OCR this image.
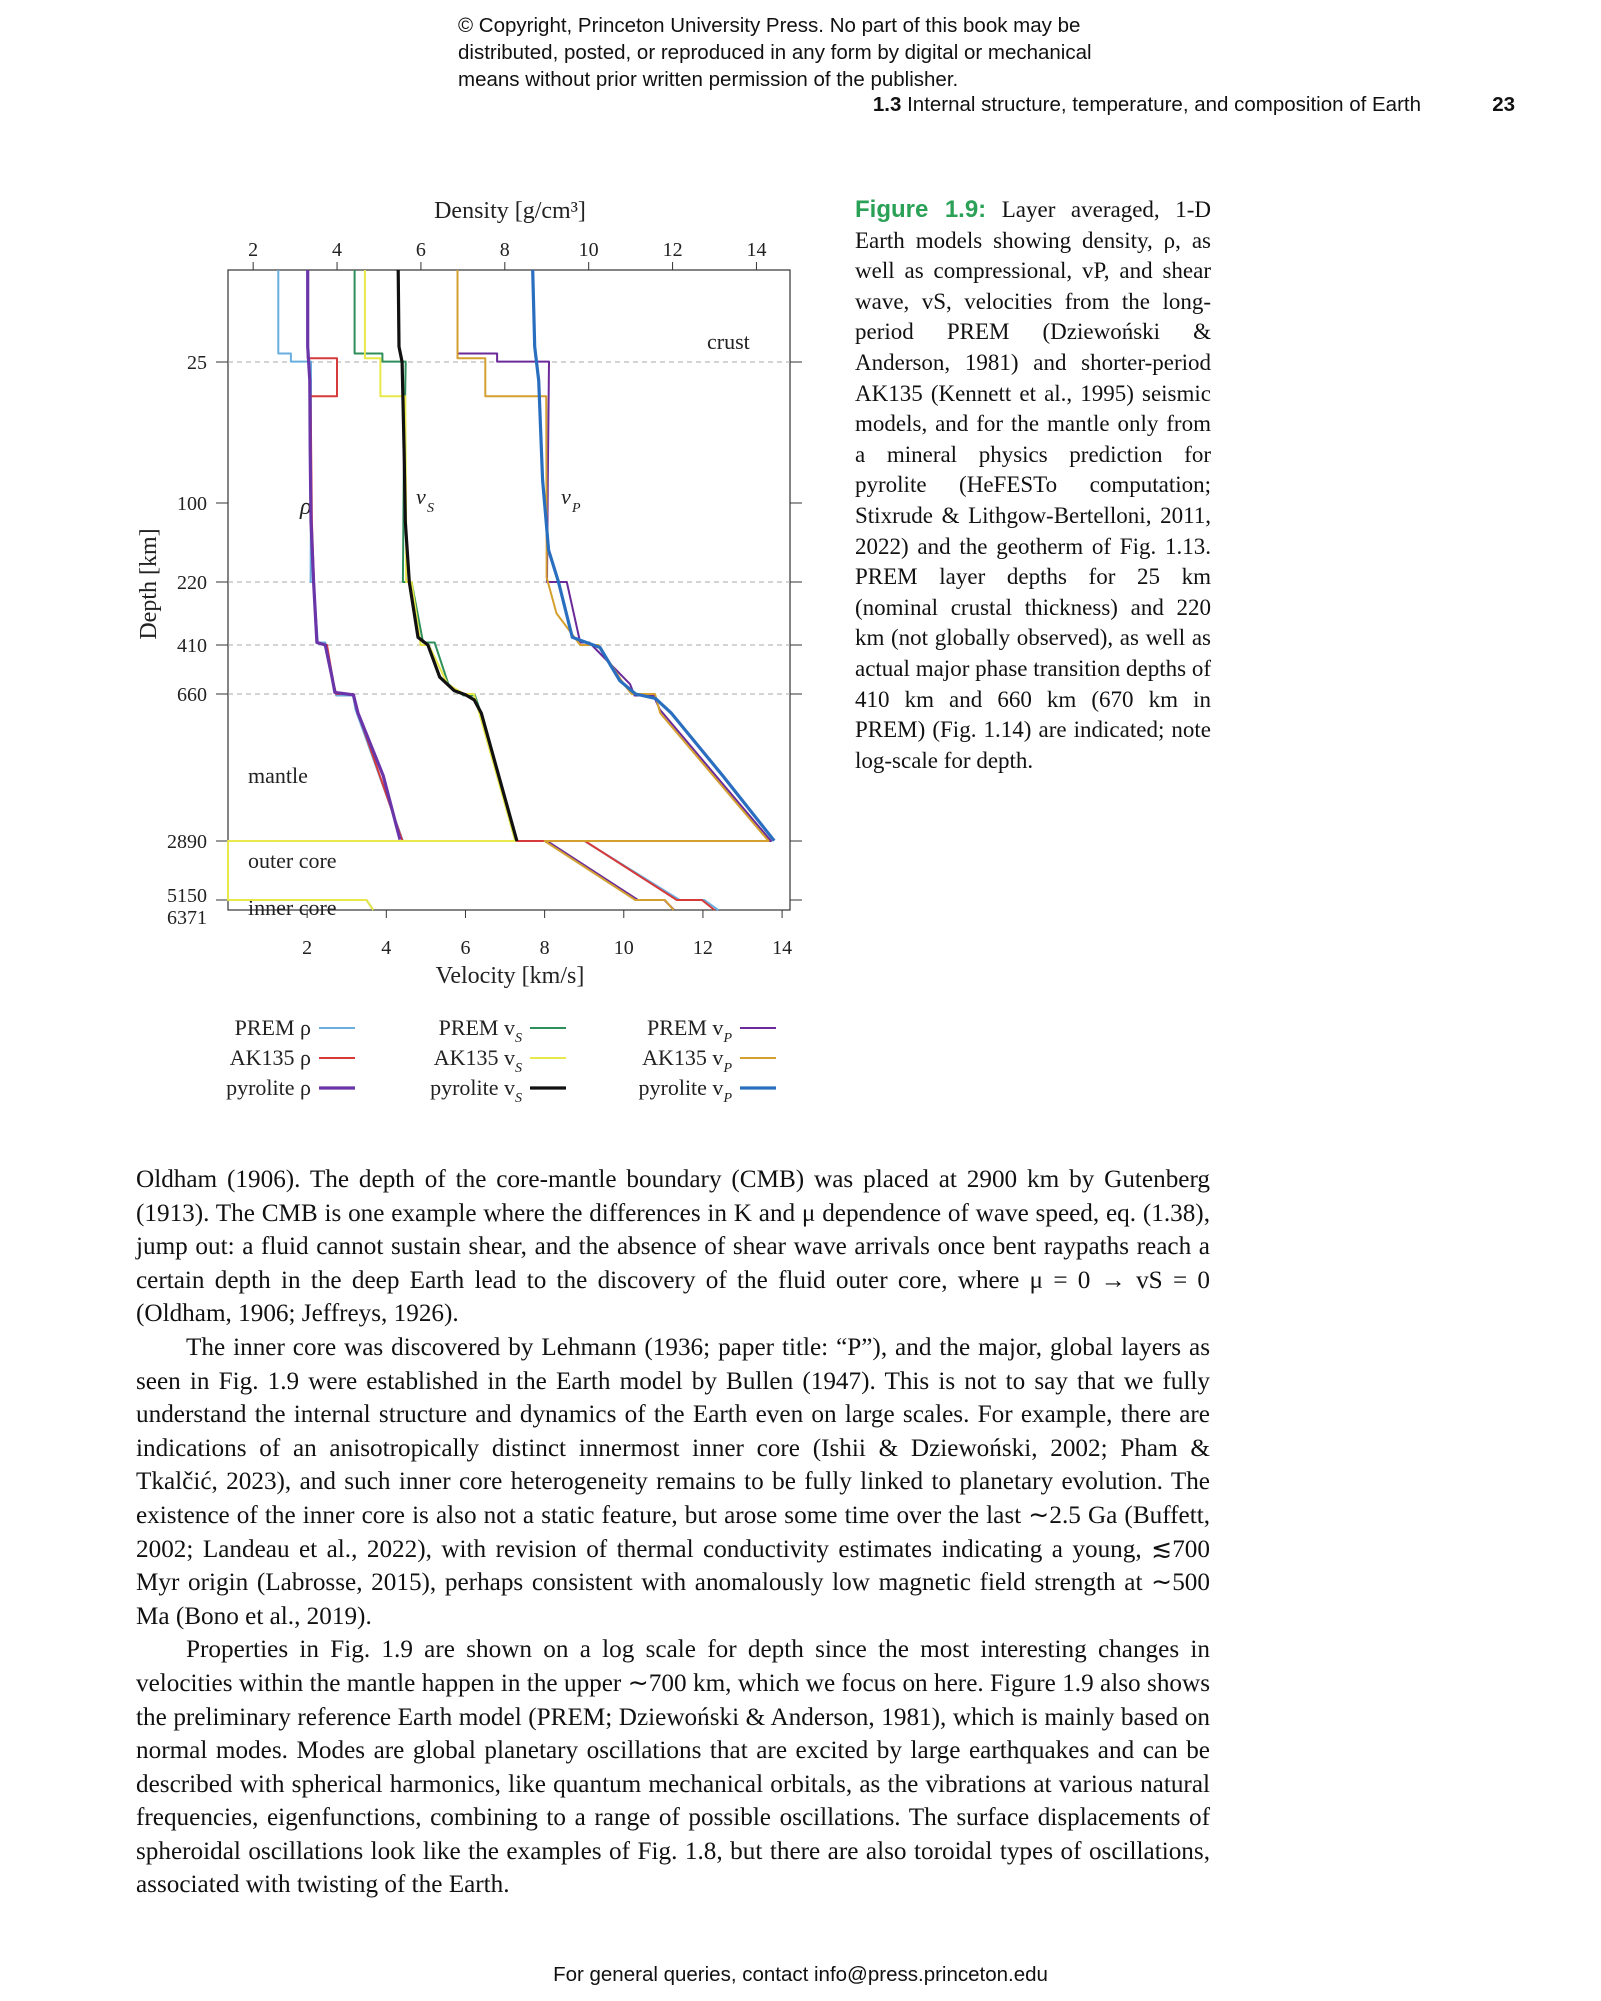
© Copyright, Princeton University Press. No part of this book may be
distributed, posted, or reproduced in any form by digital or mechanical
means without prior written permission of the publisher.
1.3 Internal structure, temperature, and composition of Earth	23
25
100
220
410
660
2890
5150
6371
2	4	6	8	10	12	14
2	4	6	8	10	12	14
Density [g/cm³]
Velocity [km/s]
Depth [km]
crust
mantle
outer core
inner core
ρ	v S	v P
PREM ρ
AK135 ρ
pyrolite ρ
PREM $v_S$
AK135 $v_S$
pyrolite $v_S$
PREM $v_P$
AK135 $v_P$
pyrolite $v_P$
Figure 1.9: Layer averaged, 1-D Earth models showing density, ρ, as well as compressional, vP, and shear wave, vS, velocities from the long-period PREM (Dziewoński & Anderson, 1981) and shorter-period AK135 (Kennett et al., 1995) seismic models, and for the mantle only from a mineral physics prediction for pyrolite (HeFESTo computation; Stixrude & Lithgow-Bertelloni, 2011, 2022) and the geotherm of Fig. 1.13. PREM layer depths for 25 km (nominal crustal thickness) and 220 km (not globally observed), as well as actual major phase transition depths of 410 km and 660 km (670 km in PREM) (Fig. 1.14) are indicated; note log-scale for depth.

Oldham (1906). The depth of the core-mantle boundary (CMB) was placed at 2900 km by Gutenberg (1913). The CMB is one example where the differences in K and μ dependence of wave speed, eq. (1.38), jump out: a fluid cannot sustain shear, and the absence of shear wave arrivals once bent raypaths reach a certain depth in the deep Earth lead to the discovery of the fluid outer core, where μ = 0 → vS = 0 (Oldham, 1906; Jeffreys, 1926).

The inner core was discovered by Lehmann (1936; paper title: “P”), and the major, global layers as seen in Fig. 1.9 were established in the Earth model by Bullen (1947). This is not to say that we fully understand the internal structure and dynamics of the Earth even on large scales. For example, there are indications of an anisotropically distinct innermost inner core (Ishii & Dziewoński, 2002; Pham & Tkalčić, 2023), and such inner core heterogeneity remains to be fully linked to planetary evolution. The existence of the inner core is also not a static feature, but arose some time over the last ∼2.5 Ga (Buffett, 2002; Landeau et al., 2022), with revision of thermal conductivity estimates indicating a young, ≲700 Myr origin (Labrosse, 2015), perhaps consistent with anomalously low magnetic field strength at ∼500 Ma (Bono et al., 2019).

Properties in Fig. 1.9 are shown on a log scale for depth since the most interesting changes in velocities within the mantle happen in the upper ∼700 km, which we focus on here. Figure 1.9 also shows the preliminary reference Earth model (PREM; Dziewoński & Anderson, 1981), which is mainly based on normal modes. Modes are global planetary oscillations that are excited by large earthquakes and can be described with spherical harmonics, like quantum mechanical orbitals, as the vibrations at various natural frequencies, eigenfunctions, combining to a range of possible oscillations. The surface displacements of spheroidal oscillations look like the examples of Fig. 1.8, but there are also toroidal types of oscillations, associated with twisting of the Earth.

For general queries, contact info@press.princeton.edu
